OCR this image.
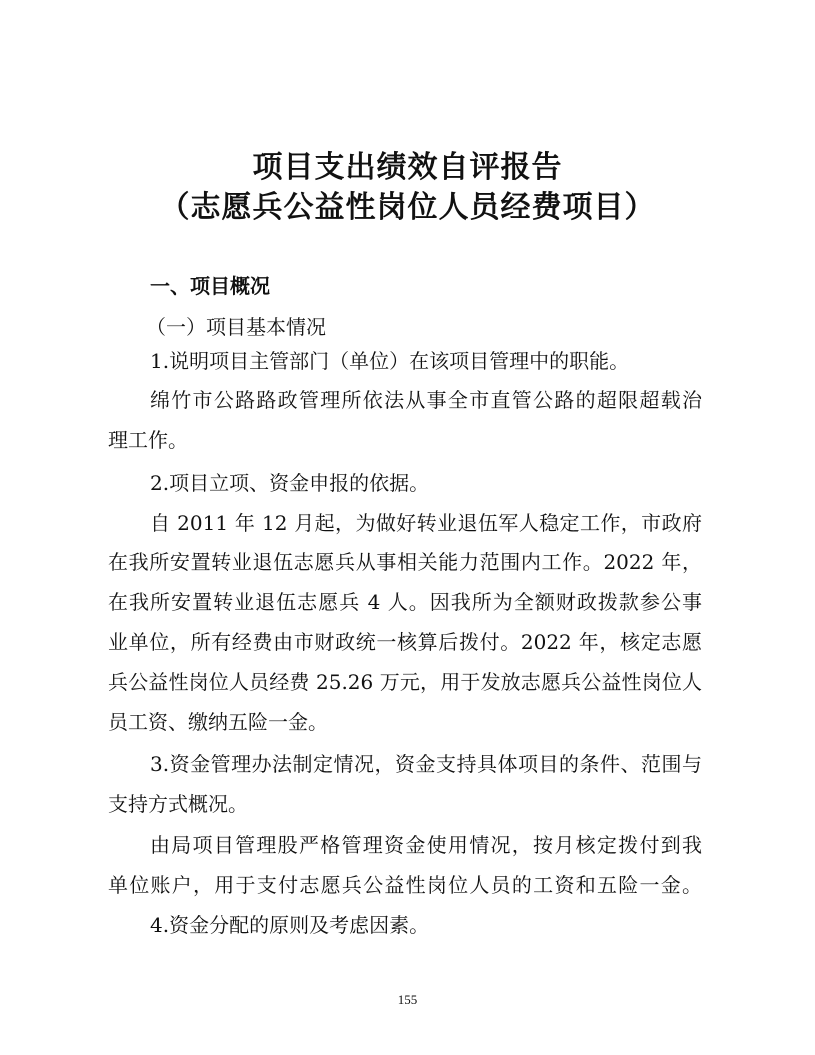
项目支出绩效自评报告
（志愿兵公益性岗位人员经费项目）

一、项目概况

（一）项目基本情况

1.说明项目主管部门（单位）在该项目管理中的职能。

绵竹市公路路政管理所依法从事全市直管公路的超限超载治

理工作。

2.项目立项、资金申报的依据。

自 2011 年 12 月起，为做好转业退伍军人稳定工作，市政府

在我所安置转业退伍志愿兵从事相关能力范围内工作。2022 年，

在我所安置转业退伍志愿兵 4 人。因我所为全额财政拨款参公事

业单位，所有经费由市财政统一核算后拨付。2022 年，核定志愿

兵公益性岗位人员经费 25.26 万元，用于发放志愿兵公益性岗位人

员工资、缴纳五险一金。

3.资金管理办法制定情况，资金支持具体项目的条件、范围与

支持方式概况。

由局项目管理股严格管理资金使用情况，按月核定拨付到我

单位账户，用于支付志愿兵公益性岗位人员的工资和五险一金。

4.资金分配的原则及考虑因素。

155
